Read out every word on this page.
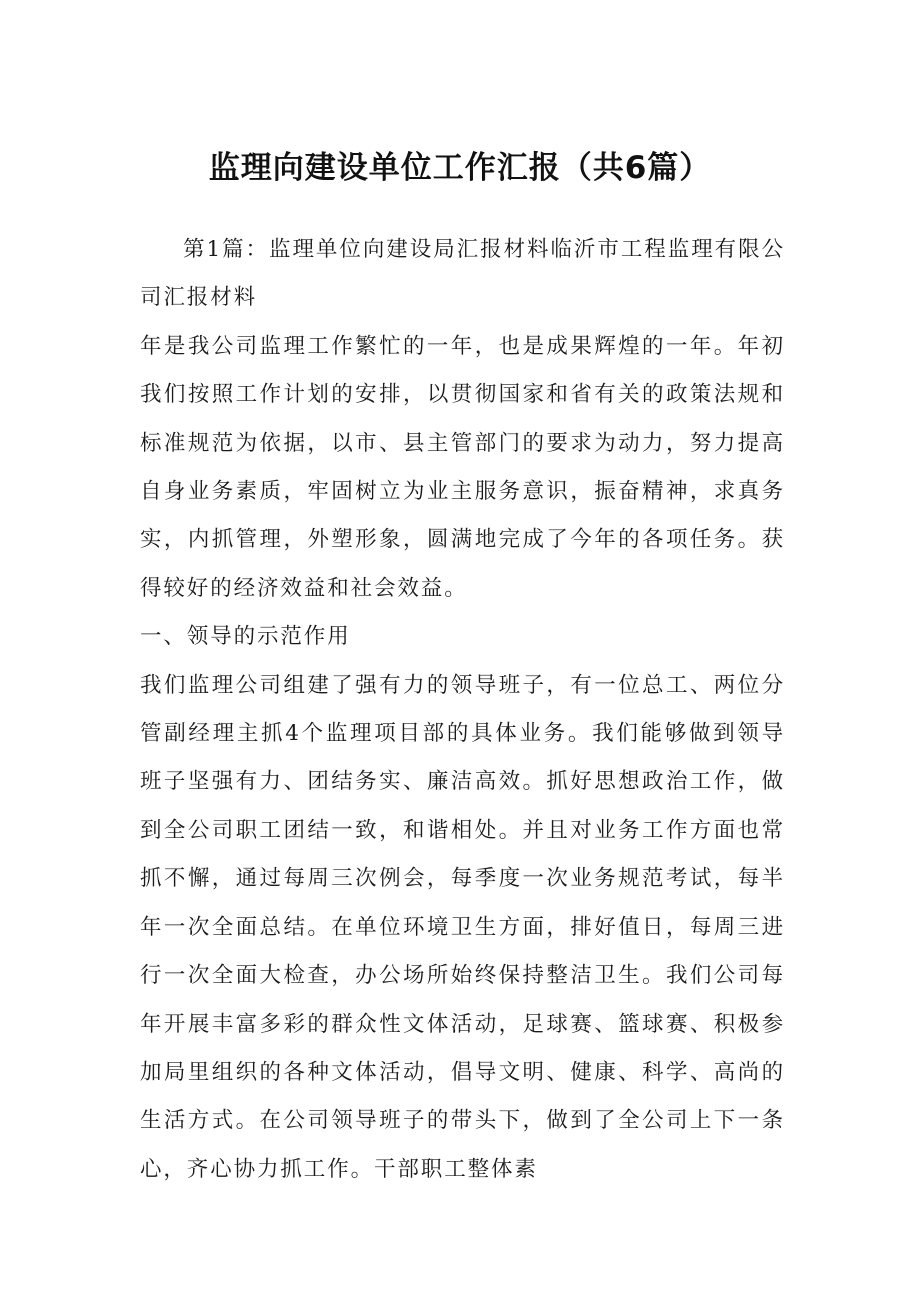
监理向建设单位工作汇报（共6篇）

第1篇：监理单位向建设局汇报材料临沂市工程监理有限公司汇报材料

年是我公司监理工作繁忙的一年，也是成果辉煌的一年。年初我们按照工作计划的安排，以贯彻国家和省有关的政策法规和标准规范为依据，以市、县主管部门的要求为动力，努力提高自身业务素质，牢固树立为业主服务意识，振奋精神，求真务实，内抓管理，外塑形象，圆满地完成了今年的各项任务。获得较好的经济效益和社会效益。

一、领导的示范作用

我们监理公司组建了强有力的领导班子，有一位总工、两位分管副经理主抓4个监理项目部的具体业务。我们能够做到领导班子坚强有力、团结务实、廉洁高效。抓好思想政治工作，做到全公司职工团结一致，和谐相处。并且对业务工作方面也常抓不懈，通过每周三次例会，每季度一次业务规范考试，每半年一次全面总结。在单位环境卫生方面，排好值日，每周三进行一次全面大检查，办公场所始终保持整洁卫生。我们公司每年开展丰富多彩的群众性文体活动，足球赛、篮球赛、积极参加局里组织的各种文体活动，倡导文明、健康、科学、高尚的生活方式。在公司领导班子的带头下，做到了全公司上下一条心，齐心协力抓工作。干部职工整体素
